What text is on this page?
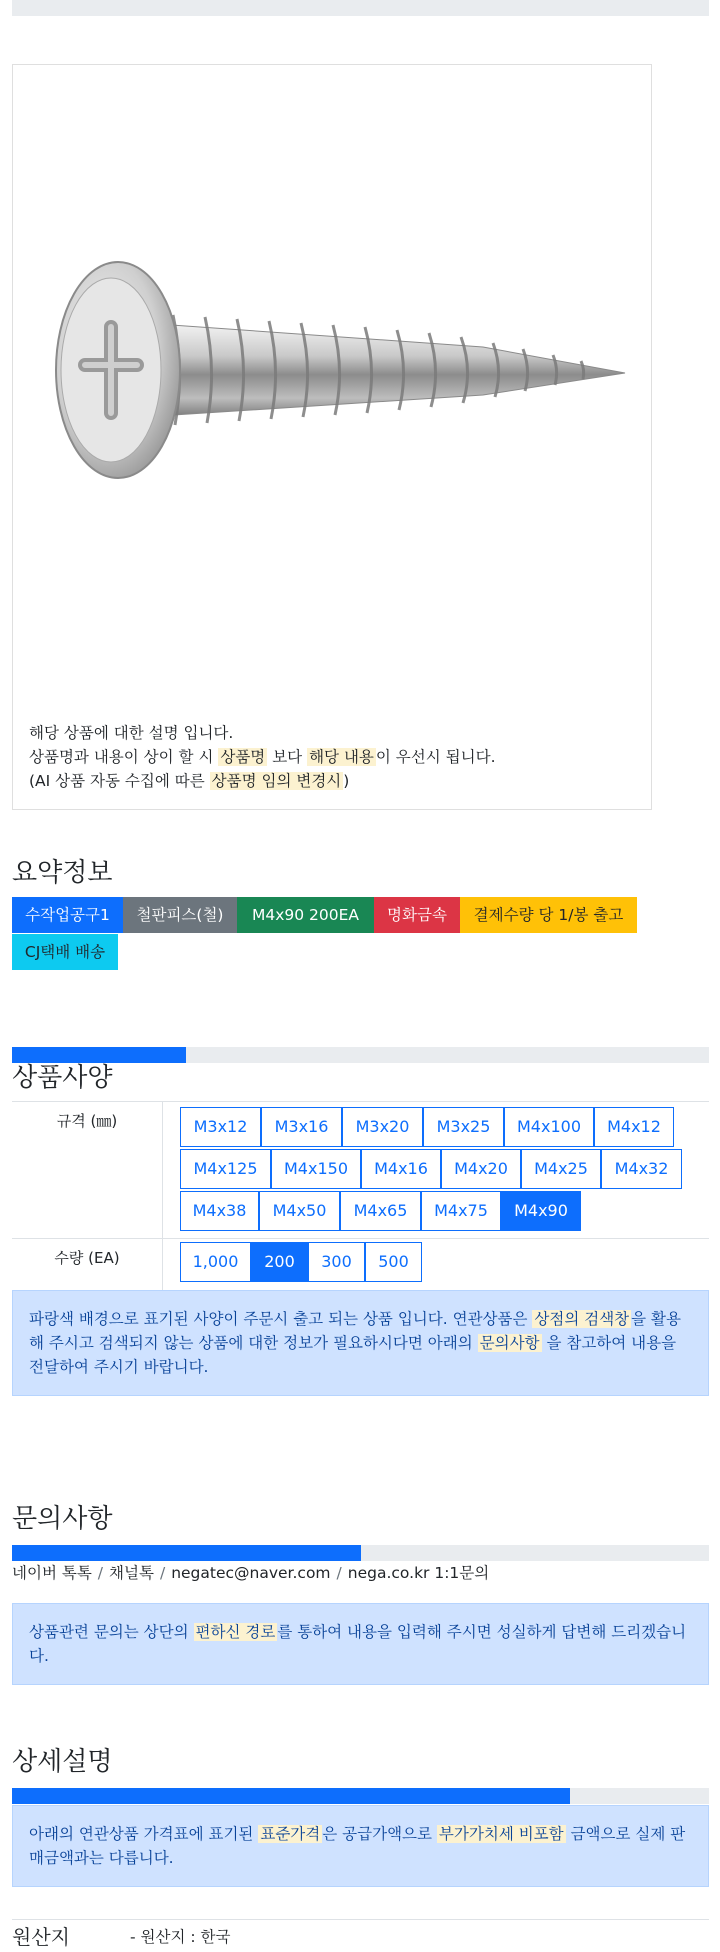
해당 상품에 대한 설명 입니다.
상품명과 내용이 상이 할 시 상품명 보다 해당 내용 이 우선시 됩니다.
(AI 상품 자동 수집에 따른 상품명 임의 변경시 )
요약정보
수작업공구1	철판피스(철)	M4x90 200EA	명화금속	결제수량 당 1/봉 출고
CJ택배 배송
상품사양
규격 (㎜)	M3x12	M3x16	M3x20	M3x25	M4x100	M4x12
M4x125	M4x150	M4x16	M4x20	M4x25	M4x32
M4x38	M4x50	M4x65	M4x75	M4x90
수량 (EA)	1,000	200	300	500
파랑색 배경으로 표기된 사양이 주문시 출고 되는 상품 입니다. 연관상품은 상점의 검색창 을 활용해 주시고 검색되지 않는 상품에 대한 정보가 필요하시다면 아래의 문의사항 을 참고하여 내용을 전달하여 주시기 바랍니다.
문의사항
네이버 톡톡 / 채널톡 / negatec@naver.com / nega.co.kr 1:1문의
상품관련 문의는 상단의 편하신 경로 를 통하여 내용을 입력해 주시면 성실하게 답변해 드리겠습니다.
상세설명
아래의 연관상품 가격표에 표기된 표준가격 은 공급가액으로 부가가치세 비포함 금액으로 실제 판매금액과는 다릅니다.
원산지	- 원산지 : 한국
